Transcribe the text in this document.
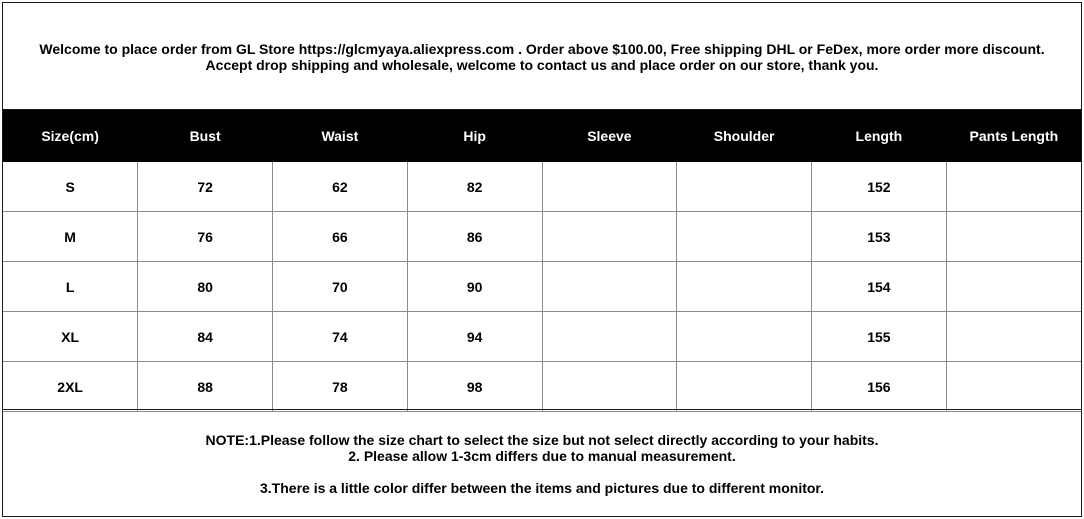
Welcome to place order from GL Store https://glcmyaya.aliexpress.com . Order above $100.00, Free shipping DHL or FeDex, more order more discount.
Accept drop shipping and wholesale, welcome to contact us and place order on our store, thank you.
Size(cm)	Bust	Waist	Hip	Sleeve	Shoulder	Length	Pants Length
S	72	62	82			152	
M	76	66	86			153	
L	80	70	90			154	
XL	84	74	94			155	
2XL	88	78	98			156	
NOTE:1.Please follow the size chart to select the size but not select directly according to your habits.
2. Please allow 1-3cm differs due to manual measurement.
3.There is a little color differ between the items and pictures due to different monitor.
